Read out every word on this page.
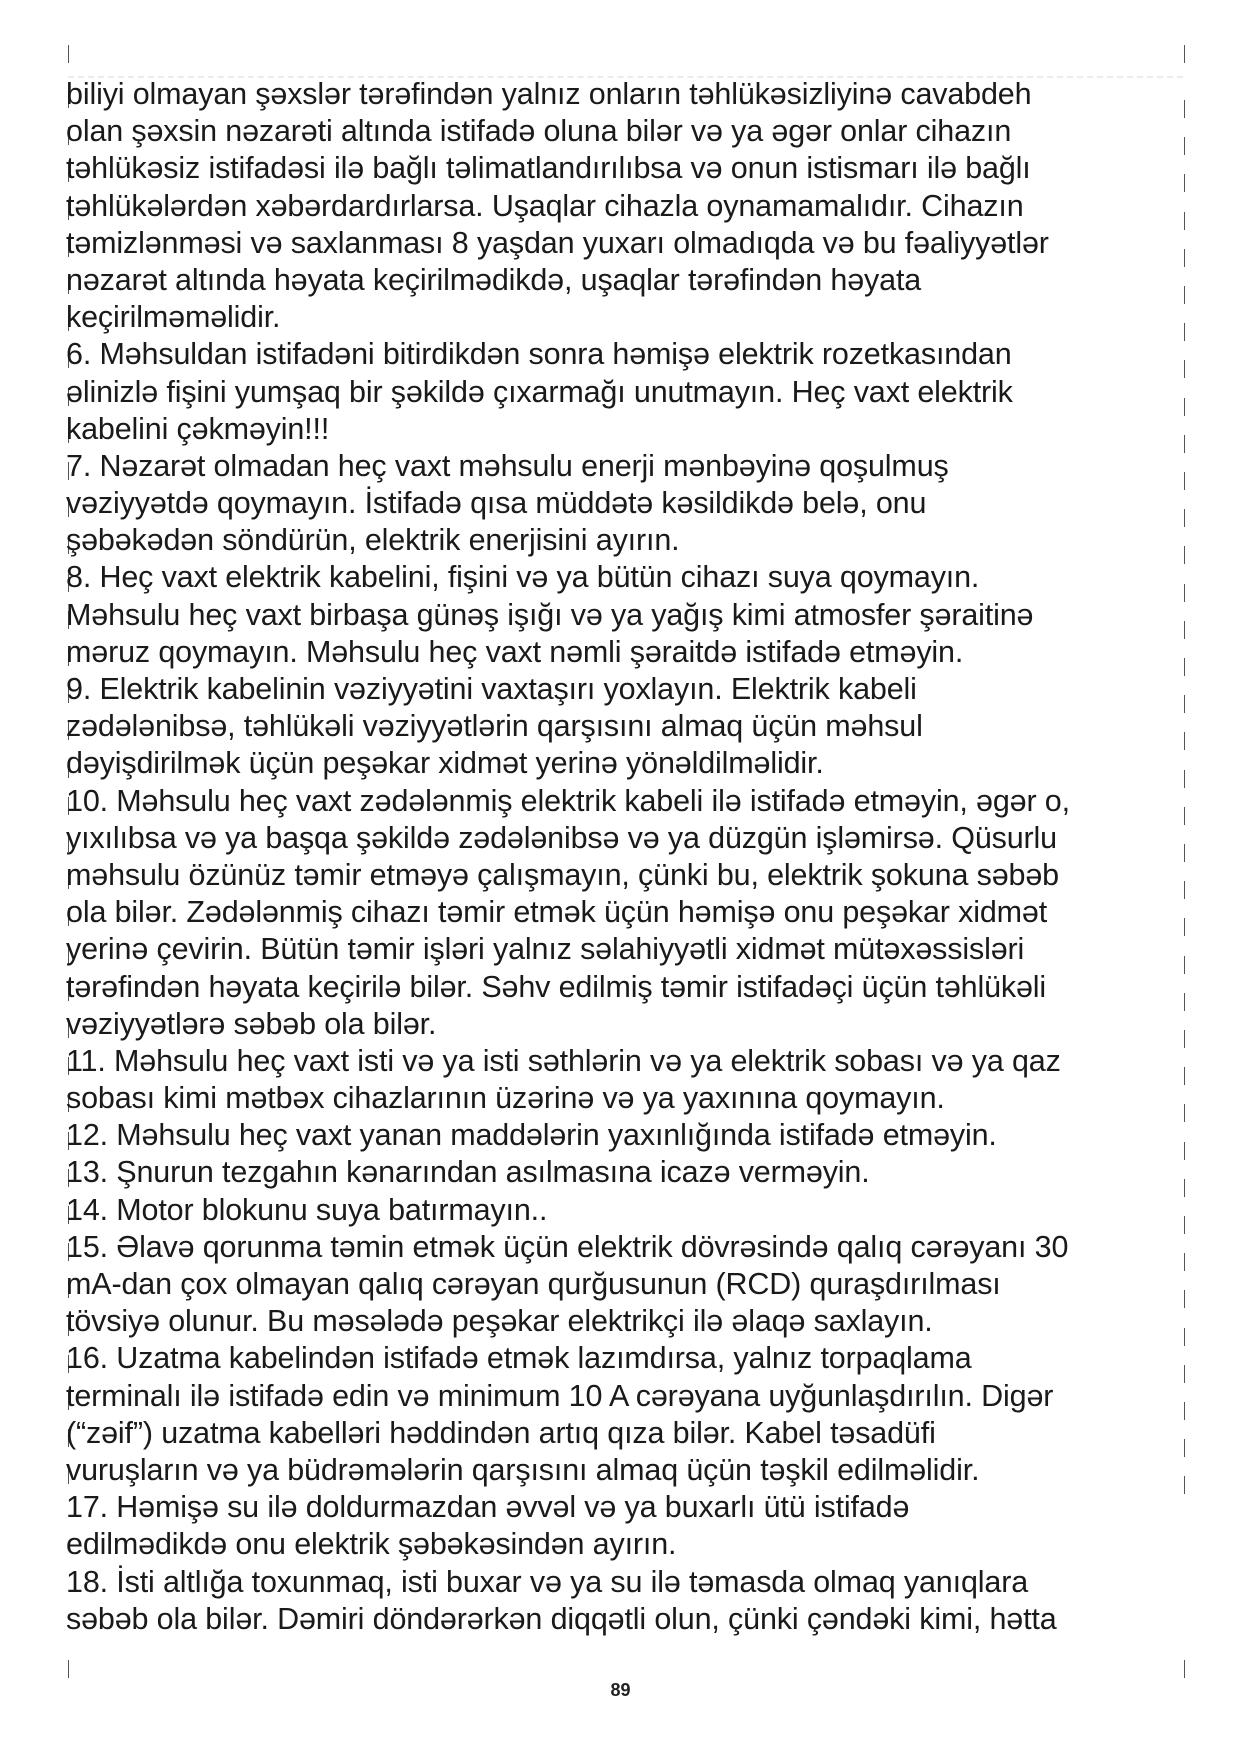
biliyi olmayan şəxslər tərəfindən yalnız onların təhlükəsizliyinə cavabdeh
olan şəxsin nəzarəti altında istifadə oluna bilər və ya əgər onlar cihazın
təhlükəsiz istifadəsi ilə bağlı təlimatlandırılıbsa və onun istismarı ilə bağlı
təhlükələrdən xəbərdardırlarsa. Uşaqlar cihazla oynamamalıdır. Cihazın
təmizlənməsi və saxlanması 8 yaşdan yuxarı olmadıqda və bu fəaliyyətlər
nəzarət altında həyata keçirilmədikdə, uşaqlar tərəfindən həyata
keçirilməməlidir.
6. Məhsuldan istifadəni bitirdikdən sonra həmişə elektrik rozetkasından
əlinizlə fişini yumşaq bir şəkildə çıxarmağı unutmayın. Heç vaxt elektrik
kabelini çəkməyin!!!
7. Nəzarət olmadan heç vaxt məhsulu enerji mənbəyinə qoşulmuş
vəziyyətdə qoymayın. İstifadə qısa müddətə kəsildikdə belə, onu
şəbəkədən söndürün, elektrik enerjisini ayırın.
8. Heç vaxt elektrik kabelini, fişini və ya bütün cihazı suya qoymayın.
Məhsulu heç vaxt birbaşa günəş işığı və ya yağış kimi atmosfer şəraitinə
məruz qoymayın. Məhsulu heç vaxt nəmli şəraitdə istifadə etməyin.
9. Elektrik kabelinin vəziyyətini vaxtaşırı yoxlayın. Elektrik kabeli
zədələnibsə, təhlükəli vəziyyətlərin qarşısını almaq üçün məhsul
dəyişdirilmək üçün peşəkar xidmət yerinə yönəldilməlidir.
10. Məhsulu heç vaxt zədələnmiş elektrik kabeli ilə istifadə etməyin, əgər o,
yıxılıbsa və ya başqa şəkildə zədələnibsə və ya düzgün işləmirsə. Qüsurlu
məhsulu özünüz təmir etməyə çalışmayın, çünki bu, elektrik şokuna səbəb
ola bilər. Zədələnmiş cihazı təmir etmək üçün həmişə onu peşəkar xidmət
yerinə çevirin. Bütün təmir işləri yalnız səlahiyyətli xidmət mütəxəssisləri
tərəfindən həyata keçirilə bilər. Səhv edilmiş təmir istifadəçi üçün təhlükəli
vəziyyətlərə səbəb ola bilər.
11. Məhsulu heç vaxt isti və ya isti səthlərin və ya elektrik sobası və ya qaz
sobası kimi mətbəx cihazlarının üzərinə və ya yaxınına qoymayın.
12. Məhsulu heç vaxt yanan maddələrin yaxınlığında istifadə etməyin.
13. Şnurun tezgahın kənarından asılmasına icazə verməyin.
14. Motor blokunu suya batırmayın..
15. Əlavə qorunma təmin etmək üçün elektrik dövrəsində qalıq cərəyanı 30
mA-dan çox olmayan qalıq cərəyan qurğusunun (RCD) quraşdırılması
tövsiyə olunur. Bu məsələdə peşəkar elektrikçi ilə əlaqə saxlayın.
16. Uzatma kabelindən istifadə etmək lazımdırsa, yalnız torpaqlama
terminalı ilə istifadə edin və minimum 10 A cərəyana uyğunlaşdırılın. Digər
(“zəif”) uzatma kabelləri həddindən artıq qıza bilər. Kabel təsadüfi
vuruşların və ya büdrəmələrin qarşısını almaq üçün təşkil edilməlidir.
17. Həmişə su ilə doldurmazdan əvvəl və ya buxarlı ütü istifadə
edilmədikdə onu elektrik şəbəkəsindən ayırın.
18. İsti altlığa toxunmaq, isti buxar və ya su ilə təmasda olmaq yanıqlara
səbəb ola bilər. Dəmiri döndərərkən diqqətli olun, çünki çəndəki kimi, hətta
89
